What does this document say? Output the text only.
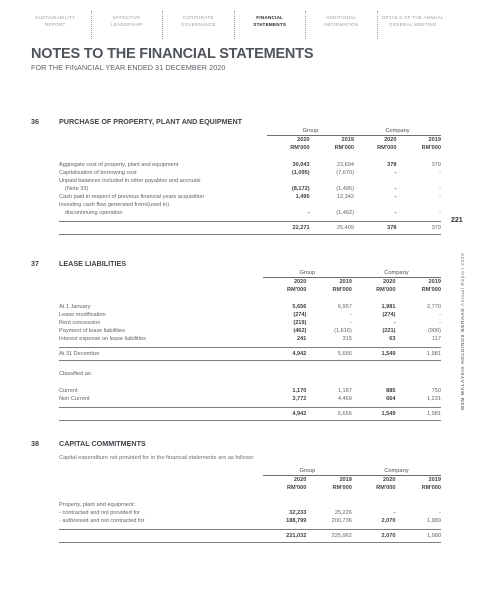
SUSTAINABILITY
REPORT
EFFECTIVE
LEADERSHIP
CORPORATE
GOVERNANCE
FINANCIAL
STATEMENTS
ADDITIONAL
INFORMATION
DETAILS OF THE ANNUAL
GENERAL MEETING
NOTES TO THE FINANCIAL STATEMENTS
FOR THE FINANCIAL YEAR ENDED 31 DECEMBER 2020
221
MSM MALAYSIA HOLDINGS BERHAD Annual Report 2020
36	PURCHASE OF PROPERTY, PLANT AND EQUIPMENT
	Group		Company	
	2020		2019		2020		2019
	RM'000		RM'000		RM'000		RM'000
Aggregate cost of property, plant and equipment	30,043		23,694		378		379
Capitalisation of borrowing cost	(1,095)		(7,670)		-		-
Unpaid balances included in other payables and accruals							
(Note 33)	(8,172)		(1,495)		-		-
Cash paid in respect of previous financial years acquisition	1,495		12,342		-		-
Investing cash flow generated from/(used in)							
discontinuing operation	-		(1,462)		-		-

	22,271		25,409		378		379
37	LEASE LIABILITIES
	Group			Company		
	2020		2019		2020		2019
	RM'000		RM'000		RM'000		RM'000
At 1 January	5,656		6,957		1,981		2,770
Lease modification	(274)		-		(274)		-
Rent concession	(219)		-		-		-
Payment of lease liabilities	(462)		(1,616)		(221)		(906)
Interest expense on lease liabilities	241		315		63		117

At 31 December	4,942		5,656		1,549		1,981
Classified as:							
Current	1,170		1,187		885		750
Non Current	3,772		4,469		664		1,231

	4,942		5,656		1,549		1,981
38	CAPITAL COMMITMENTS
Capital expenditure not provided for in the financial statements are as follows:
	Group			Company		
	2020		2019		2020		2019
	RM'000		RM'000		RM'000		RM'000
Property, plant and equipment:							
- contracted and not provided for	32,233		25,226		-		-
- authorised and not contracted for	188,799		200,736		2,070		1,980

	221,032		225,962		2,070		1,980
